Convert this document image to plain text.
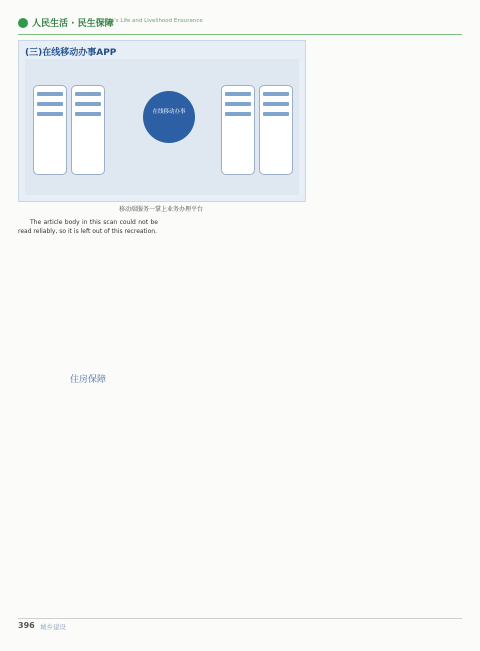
人民生活 · 民生保障
People's Life and Livelihood Ensurance
(三)在线移动办事APP
在线移动办事
移动端服务一掌上业务办理平台

The article body in this scan could not be read reliably, so it is left out of this recreation.

住房保障
396 城乡建设
